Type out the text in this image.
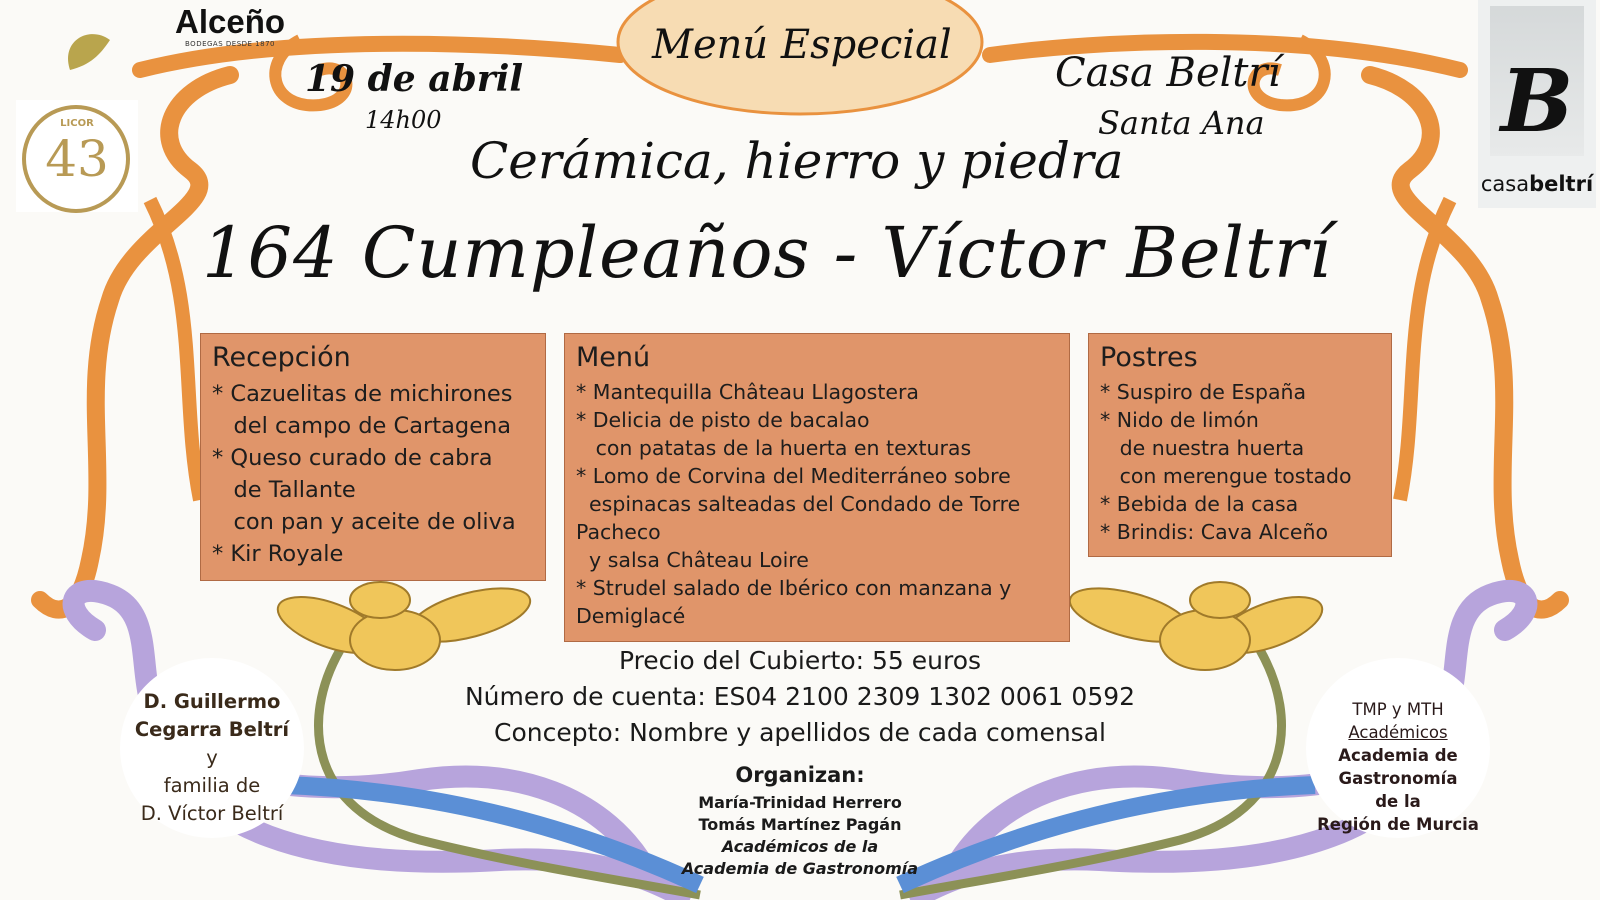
Menú Especial
19 de abril
14h00
Casa Beltrí
Santa Ana
Cerámica, hierro y piedra
164 Cumpleaños - Víctor Beltrí
Alceño
BODEGAS DESDE 1870
LICOR
43
B
casabeltrí
Recepción
* Cazuelitas de michirones
del campo de Cartagena
* Queso curado de cabra
de Tallante
con pan y aceite de oliva
* Kir Royale
Menú
* Mantequilla Château Llagostera
* Delicia de pisto de bacalao
con patatas de la huerta en texturas
* Lomo de Corvina del Mediterráneo sobre
espinacas salteadas del Condado de Torre
Pacheco
y salsa Château Loire
* Strudel salado de Ibérico con manzana y
Demiglacé
Postres
* Suspiro de España
* Nido de limón
de nuestra huerta
con merengue tostado
* Bebida de la casa
* Brindis: Cava Alceño
Precio del Cubierto: 55 euros
Número de cuenta: ES04 2100 2309 1302 0061 0592
Concepto: Nombre y apellidos de cada comensal
Organizan:
María-Trinidad Herrero
Tomás Martínez Pagán
Académicos de la
Academia de Gastronomía
D. Guillermo
Cegarra Beltrí
y
familia de
D. Víctor Beltrí
TMP y MTH
Académicos
Academia de
Gastronomía
de la
Región de Murcia
